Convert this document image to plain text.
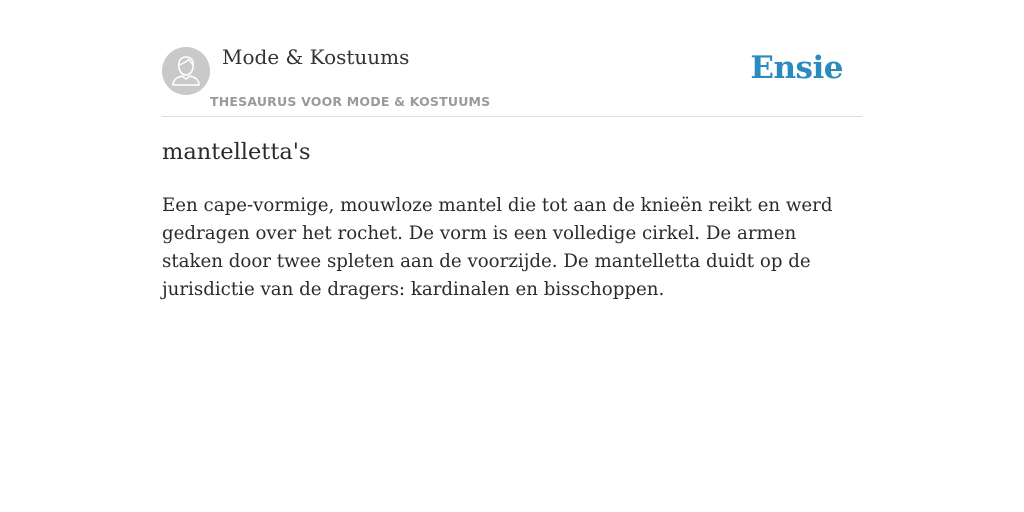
Mode & Kostuums
THESAURUS VOOR MODE & KOSTUUMS
Ensie
mantelletta's

Een cape-vormige, mouwloze mantel die tot aan de knieën reikt en werd gedragen over het rochet. De vorm is een volledige cirkel. De armen staken door twee spleten aan de voorzijde. De mantelletta duidt op de jurisdictie van de dragers: kardinalen en bisschoppen.
